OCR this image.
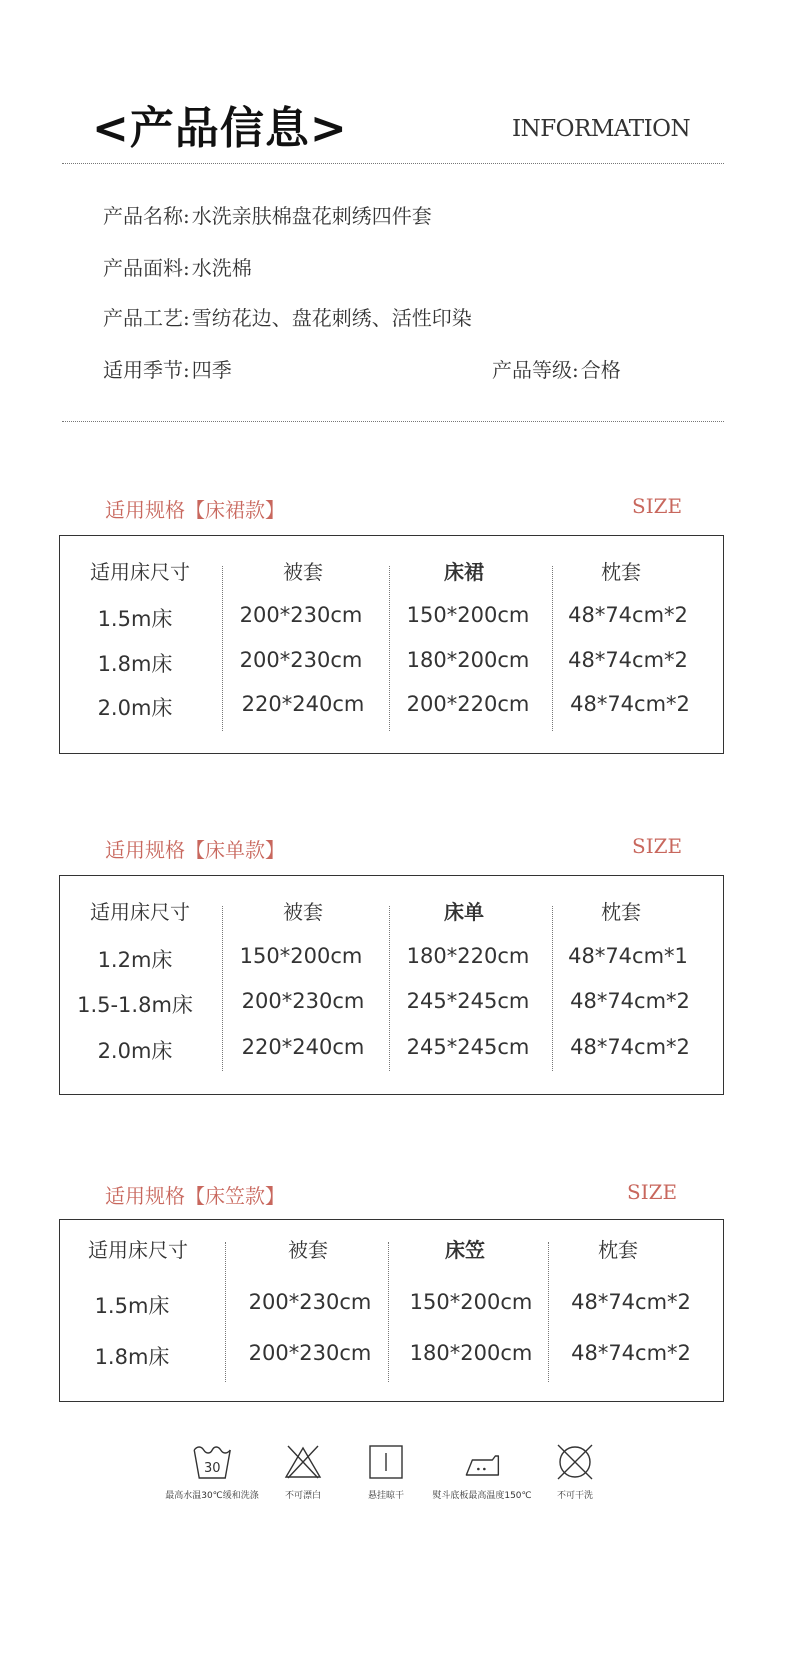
<产品信息>	INFORMATION
产品名称: 水洗亲肤棉盘花刺绣四件套
产品面料: 水洗棉
产品工艺: 雪纺花边、盘花刺绣、活性印染
适用季节: 四季	产品等级: 合格
适用规格【床裙款】	SIZE
适用床尺寸	被套	床裙	枕套
1.5m床	200*230cm 150*200cm 48*74cm*2
1.8m床	200*230cm 180*200cm 48*74cm*2
2.0m床	220*240cm 200*220cm 48*74cm*2
适用规格【床单款】	SIZE
适用床尺寸	被套	床单	枕套
1.2m床	150*200cm 180*220cm 48*74cm*1
1.5-1.8m床 200*230cm 245*245cm 48*74cm*2
2.0m床	220*240cm 245*245cm 48*74cm*2
适用规格【床笠款】	SIZE
适用床尺寸	被套	床笠	枕套
1.5m床	200*230cm 150*200cm 48*74cm*2
1.8m床	200*230cm 180*200cm 48*74cm*2
30
最高水温30℃缓和洗涤	不可漂白	悬挂晾干	熨斗底板最高温度150℃	不可干洗
